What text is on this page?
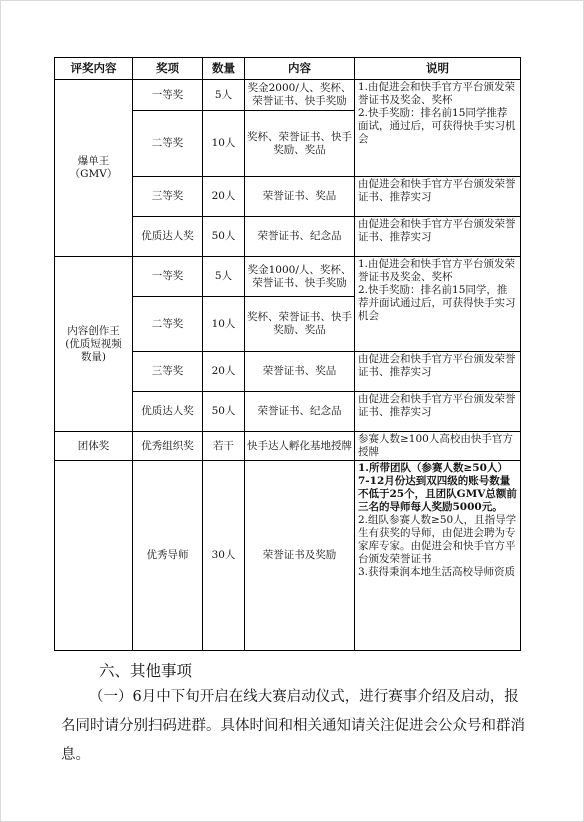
评奖内容	奖项	数量	内容	说明

爆单王
（GMV）	一等奖	5人	奖金2000/人、奖杯、荣誉证书、快手奖励	1.由促进会和快手官方平台颁发荣誉证书及奖金、奖杯
2.快手奖励：排名前15同学推荐面试，通过后，可获得快手实习机会
	二等奖	10人	奖杯、荣誉证书、快手奖励、奖品	
	三等奖	20人	荣誉证书、奖品	由促进会和快手官方平台颁发荣誉证书、推荐实习
	优质达人奖	50人	荣誉证书、纪念品	由促进会和快手官方平台颁发荣誉证书、推荐实习

内容创作王
(优质短视频
数量)	一等奖	5人	奖金1000/人、奖杯、荣誉证书、快手奖励	1.由促进会和快手官方平台颁发荣誉证书及奖金、奖杯
2.快手奖励：排名前15同学，推荐并面试通过后，可获得快手实习机会
	二等奖	10人	奖杯、荣誉证书、快手奖励、奖品	
	三等奖	20人	荣誉证书、奖品	由促进会和快手官方平台颁发荣誉证书、推荐实习
	优质达人奖	50人	荣誉证书、纪念品	由促进会和快手官方平台颁发荣誉证书、推荐实习
团体奖	优秀组织奖	若干	快手达人孵化基地授牌	参赛人数≥100人高校由快手官方授牌
	优秀导师	30人	荣誉证书及奖励	1.所带团队（参赛人数≥50人）7-12月份达到双四级的账号数量不低于25个，且团队GMV总额前三名的导师每人奖励5000元。
2.组队参赛人数≥50人，且指导学生有获奖的导师，由促进会聘为专家库专家。由促进会和快手官方平台颁发荣誉证书
3.获得秉润本地生活高校导师资质
六、其他事项
（一）6月中下旬开启在线大赛启动仪式，进行赛事介绍及启动，报名同时请分别扫码进群。具体时间和相关通知请关注促进会公众号和群消息。
